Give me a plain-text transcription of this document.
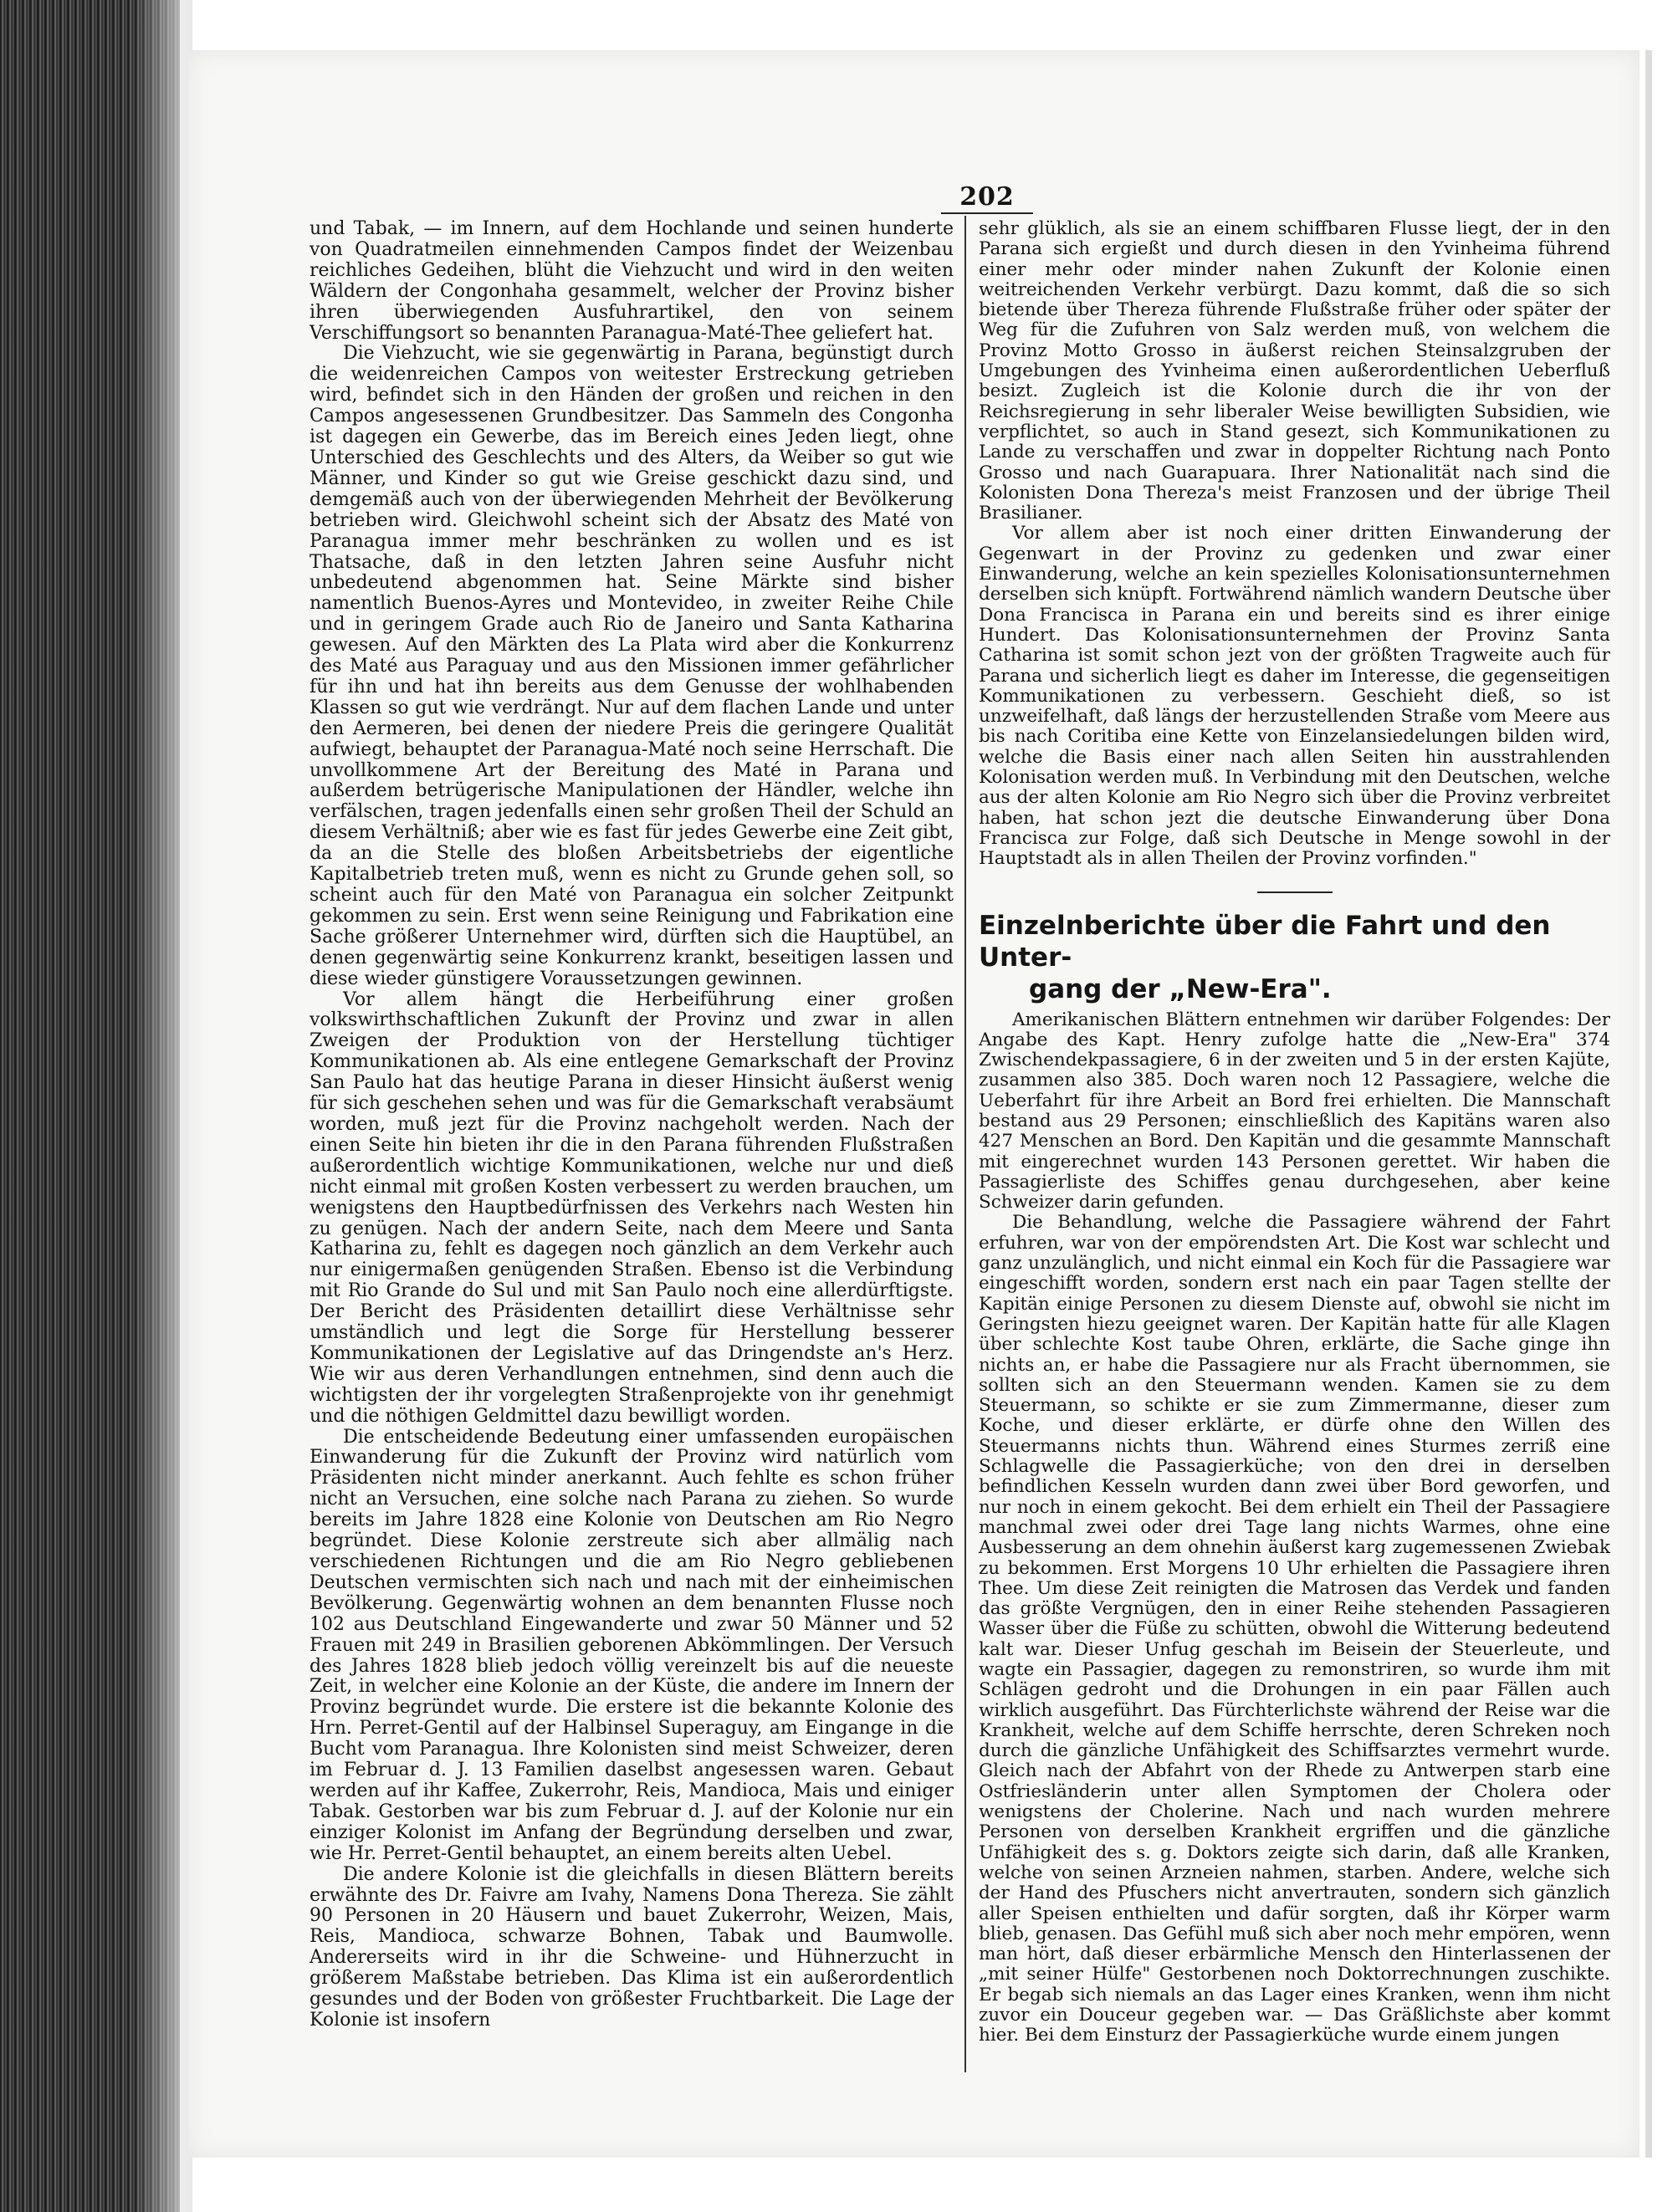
202

und Tabak, — im Innern, auf dem Hochlande und seinen hunderte von Quadratmeilen einnehmenden Campos findet der Weizenbau reichliches Gedeihen, blüht die Viehzucht und wird in den weiten Wäldern der Congonhaha gesammelt, welcher der Provinz bisher ihren überwiegenden Ausfuhrartikel, den von seinem Verschiffungsort so benannten Paranagua-Maté-Thee geliefert hat.

Die Viehzucht, wie sie gegenwärtig in Parana, begünstigt durch die weidenreichen Campos von weitester Erstreckung getrieben wird, befindet sich in den Händen der großen und reichen in den Campos angesessenen Grundbesitzer. Das Sammeln des Congonha ist dagegen ein Gewerbe, das im Bereich eines Jeden liegt, ohne Unterschied des Geschlechts und des Alters, da Weiber so gut wie Männer, und Kinder so gut wie Greise geschickt dazu sind, und demgemäß auch von der überwiegenden Mehrheit der Bevölkerung betrieben wird. Gleichwohl scheint sich der Absatz des Maté von Paranagua immer mehr beschränken zu wollen und es ist Thatsache, daß in den letzten Jahren seine Ausfuhr nicht unbedeutend abgenommen hat. Seine Märkte sind bisher namentlich Buenos-Ayres und Montevideo, in zweiter Reihe Chile und in geringem Grade auch Rio de Janeiro und Santa Katharina gewesen. Auf den Märkten des La Plata wird aber die Konkurrenz des Maté aus Paraguay und aus den Missionen immer gefährlicher für ihn und hat ihn bereits aus dem Genusse der wohlhabenden Klassen so gut wie verdrängt. Nur auf dem flachen Lande und unter den Aermeren, bei denen der niedere Preis die geringere Qualität aufwiegt, behauptet der Paranagua-Maté noch seine Herrschaft. Die unvollkommene Art der Bereitung des Maté in Parana und außerdem betrügerische Manipulationen der Händler, welche ihn verfälschen, tragen jedenfalls einen sehr großen Theil der Schuld an diesem Verhältniß; aber wie es fast für jedes Gewerbe eine Zeit gibt, da an die Stelle des bloßen Arbeitsbetriebs der eigentliche Kapitalbetrieb treten muß, wenn es nicht zu Grunde gehen soll, so scheint auch für den Maté von Paranagua ein solcher Zeitpunkt gekommen zu sein. Erst wenn seine Reinigung und Fabrikation eine Sache größerer Unternehmer wird, dürften sich die Hauptübel, an denen gegenwärtig seine Konkurrenz krankt, beseitigen lassen und diese wieder günstigere Voraussetzungen gewinnen.

Vor allem hängt die Herbeiführung einer großen volkswirthschaftlichen Zukunft der Provinz und zwar in allen Zweigen der Produktion von der Herstellung tüchtiger Kommunikationen ab. Als eine entlegene Gemarkschaft der Provinz San Paulo hat das heutige Parana in dieser Hinsicht äußerst wenig für sich geschehen sehen und was für die Gemarkschaft verabsäumt worden, muß jezt für die Provinz nachgeholt werden. Nach der einen Seite hin bieten ihr die in den Parana führenden Flußstraßen außerordentlich wichtige Kommunikationen, welche nur und dieß nicht einmal mit großen Kosten verbessert zu werden brauchen, um wenigstens den Hauptbedürfnissen des Verkehrs nach Westen hin zu genügen. Nach der andern Seite, nach dem Meere und Santa Katharina zu, fehlt es dagegen noch gänzlich an dem Verkehr auch nur einigermaßen genügenden Straßen. Ebenso ist die Verbindung mit Rio Grande do Sul und mit San Paulo noch eine allerdürftigste. Der Bericht des Präsidenten detaillirt diese Verhältnisse sehr umständlich und legt die Sorge für Herstellung besserer Kommunikationen der Legislative auf das Dringendste an's Herz. Wie wir aus deren Verhandlungen entnehmen, sind denn auch die wichtigsten der ihr vorgelegten Straßenprojekte von ihr genehmigt und die nöthigen Geldmittel dazu bewilligt worden.

Die entscheidende Bedeutung einer umfassenden europäischen Einwanderung für die Zukunft der Provinz wird natürlich vom Präsidenten nicht minder anerkannt. Auch fehlte es schon früher nicht an Versuchen, eine solche nach Parana zu ziehen. So wurde bereits im Jahre 1828 eine Kolonie von Deutschen am Rio Negro begründet. Diese Kolonie zerstreute sich aber allmälig nach verschiedenen Richtungen und die am Rio Negro gebliebenen Deutschen vermischten sich nach und nach mit der einheimischen Bevölkerung. Gegenwärtig wohnen an dem benannten Flusse noch 102 aus Deutschland Eingewanderte und zwar 50 Männer und 52 Frauen mit 249 in Brasilien geborenen Abkömmlingen. Der Versuch des Jahres 1828 blieb jedoch völlig vereinzelt bis auf die neueste Zeit, in welcher eine Kolonie an der Küste, die andere im Innern der Provinz begründet wurde. Die erstere ist die bekannte Kolonie des Hrn. Perret-Gentil auf der Halbinsel Superaguy, am Eingange in die Bucht vom Paranagua. Ihre Kolonisten sind meist Schweizer, deren im Februar d. J. 13 Familien daselbst angesessen waren. Gebaut werden auf ihr Kaffee, Zukerrohr, Reis, Mandioca, Mais und einiger Tabak. Gestorben war bis zum Februar d. J. auf der Kolonie nur ein einziger Kolonist im Anfang der Begründung derselben und zwar, wie Hr. Perret-Gentil behauptet, an einem bereits alten Uebel.

Die andere Kolonie ist die gleichfalls in diesen Blättern bereits erwähnte des Dr. Faivre am Ivahy, Namens Dona Thereza. Sie zählt 90 Personen in 20 Häusern und bauet Zukerrohr, Weizen, Mais, Reis, Mandioca, schwarze Bohnen, Tabak und Baumwolle. Andererseits wird in ihr die Schweine- und Hühnerzucht in größerem Maßstabe betrieben. Das Klima ist ein außerordentlich gesundes und der Boden von größester Fruchtbarkeit. Die Lage der Kolonie ist insofern

sehr glüklich, als sie an einem schiffbaren Flusse liegt, der in den Parana sich ergießt und durch diesen in den Yvinheima führend einer mehr oder minder nahen Zukunft der Kolonie einen weitreichenden Verkehr verbürgt. Dazu kommt, daß die so sich bietende über Thereza führende Flußstraße früher oder später der Weg für die Zufuhren von Salz werden muß, von welchem die Provinz Motto Grosso in äußerst reichen Steinsalzgruben der Umgebungen des Yvinheima einen außerordentlichen Ueberfluß besizt. Zugleich ist die Kolonie durch die ihr von der Reichsregierung in sehr liberaler Weise bewilligten Subsidien, wie verpflichtet, so auch in Stand gesezt, sich Kommunikationen zu Lande zu verschaffen und zwar in doppelter Richtung nach Ponto Grosso und nach Guarapuara. Ihrer Nationalität nach sind die Kolonisten Dona Thereza's meist Franzosen und der übrige Theil Brasilianer.

Vor allem aber ist noch einer dritten Einwanderung der Gegenwart in der Provinz zu gedenken und zwar einer Einwanderung, welche an kein spezielles Kolonisationsunternehmen derselben sich knüpft. Fortwährend nämlich wandern Deutsche über Dona Francisca in Parana ein und bereits sind es ihrer einige Hundert. Das Kolonisationsunternehmen der Provinz Santa Catharina ist somit schon jezt von der größten Tragweite auch für Parana und sicherlich liegt es daher im Interesse, die gegenseitigen Kommunikationen zu verbessern. Geschieht dieß, so ist unzweifelhaft, daß längs der herzustellenden Straße vom Meere aus bis nach Coritiba eine Kette von Einzelansiedelungen bilden wird, welche die Basis einer nach allen Seiten hin ausstrahlenden Kolonisation werden muß. In Verbindung mit den Deutschen, welche aus der alten Kolonie am Rio Negro sich über die Provinz verbreitet haben, hat schon jezt die deutsche Einwanderung über Dona Francisca zur Folge, daß sich Deutsche in Menge sowohl in der Hauptstadt als in allen Theilen der Provinz vorfinden."

Einzelnberichte über die Fahrt und den Unter-
gang der „New-Era".

Amerikanischen Blättern entnehmen wir darüber Folgendes: Der Angabe des Kapt. Henry zufolge hatte die „New-Era" 374 Zwischendekpassagiere, 6 in der zweiten und 5 in der ersten Kajüte, zusammen also 385. Doch waren noch 12 Passagiere, welche die Ueberfahrt für ihre Arbeit an Bord frei erhielten. Die Mannschaft bestand aus 29 Personen; einschließlich des Kapitäns waren also 427 Menschen an Bord. Den Kapitän und die gesammte Mannschaft mit eingerechnet wurden 143 Personen gerettet. Wir haben die Passagierliste des Schiffes genau durchgesehen, aber keine Schweizer darin gefunden.

Die Behandlung, welche die Passagiere während der Fahrt erfuhren, war von der empörendsten Art. Die Kost war schlecht und ganz unzulänglich, und nicht einmal ein Koch für die Passagiere war eingeschifft worden, sondern erst nach ein paar Tagen stellte der Kapitän einige Personen zu diesem Dienste auf, obwohl sie nicht im Geringsten hiezu geeignet waren. Der Kapitän hatte für alle Klagen über schlechte Kost taube Ohren, erklärte, die Sache ginge ihn nichts an, er habe die Passagiere nur als Fracht übernommen, sie sollten sich an den Steuermann wenden. Kamen sie zu dem Steuermann, so schikte er sie zum Zimmermanne, dieser zum Koche, und dieser erklärte, er dürfe ohne den Willen des Steuermanns nichts thun. Während eines Sturmes zerriß eine Schlagwelle die Passagierküche; von den drei in derselben befindlichen Kesseln wurden dann zwei über Bord geworfen, und nur noch in einem gekocht. Bei dem erhielt ein Theil der Passagiere manchmal zwei oder drei Tage lang nichts Warmes, ohne eine Ausbesserung an dem ohnehin äußerst karg zugemessenen Zwiebak zu bekommen. Erst Morgens 10 Uhr erhielten die Passagiere ihren Thee. Um diese Zeit reinigten die Matrosen das Verdek und fanden das größte Vergnügen, den in einer Reihe stehenden Passagieren Wasser über die Füße zu schütten, obwohl die Witterung bedeutend kalt war. Dieser Unfug geschah im Beisein der Steuerleute, und wagte ein Passagier, dagegen zu remonstriren, so wurde ihm mit Schlägen gedroht und die Drohungen in ein paar Fällen auch wirklich ausgeführt. Das Fürchterlichste während der Reise war die Krankheit, welche auf dem Schiffe herrschte, deren Schreken noch durch die gänzliche Unfähigkeit des Schiffsarztes vermehrt wurde. Gleich nach der Abfahrt von der Rhede zu Antwerpen starb eine Ostfriesländerin unter allen Symptomen der Cholera oder wenigstens der Cholerine. Nach und nach wurden mehrere Personen von derselben Krankheit ergriffen und die gänzliche Unfähigkeit des s. g. Doktors zeigte sich darin, daß alle Kranken, welche von seinen Arzneien nahmen, starben. Andere, welche sich der Hand des Pfuschers nicht anvertrauten, sondern sich gänzlich aller Speisen enthielten und dafür sorgten, daß ihr Körper warm blieb, genasen. Das Gefühl muß sich aber noch mehr empören, wenn man hört, daß dieser erbärmliche Mensch den Hinterlassenen der „mit seiner Hülfe" Gestorbenen noch Doktorrechnungen zuschikte. Er begab sich niemals an das Lager eines Kranken, wenn ihm nicht zuvor ein Douceur gegeben war. — Das Gräßlichste aber kommt hier. Bei dem Einsturz der Passagierküche wurde einem jungen
